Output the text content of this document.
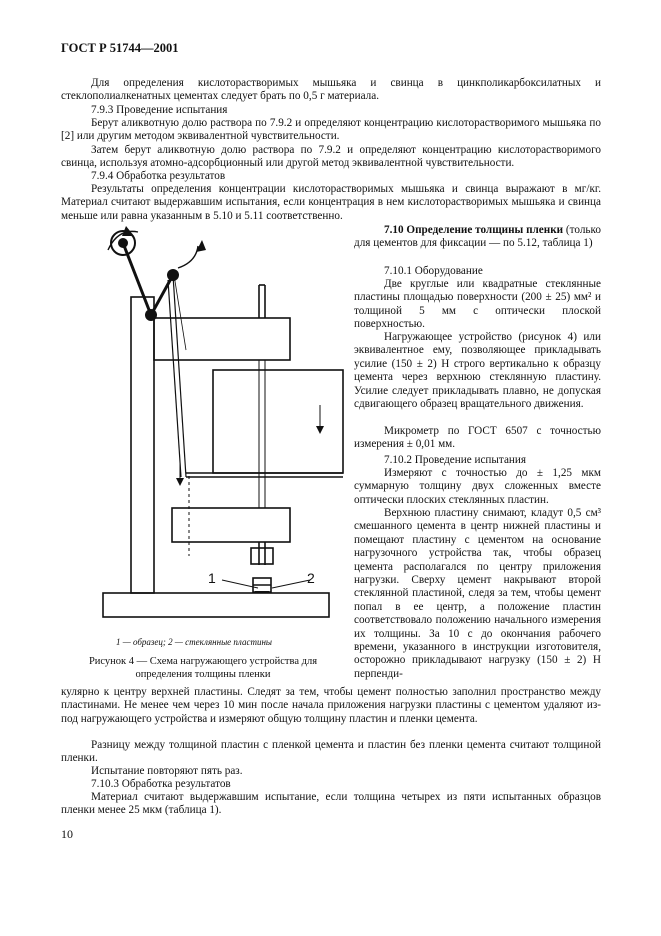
ГОСТ Р 51744—2001

Для определения кислоторастворимых мышьяка и свинца в цинкполикарбоксилатных и стеклополиалкенатных цементах следует брать по 0,5 г материала.

7.9.3 Проведение испытания

Берут аликвотную долю раствора по 7.9.2 и определяют концентрацию кислоторастворимого мышьяка по [2] или другим методом эквивалентной чувствительности.

Затем берут аликвотную долю раствора по 7.9.2 и определяют концентрацию кислоторастворимого свинца, используя атомно-адсорбционный или другой метод эквивалентной чувствительности.

7.9.4 Обработка результатов

Результаты определения концентрации кислоторастворимых мышьяка и свинца выражают в мг/кг. Материал считают выдержавшим испытания, если концентрация в нем кислоторастворимых мышьяка и свинца меньше или равна указанным в 5.10 и 5.11 соответственно.

7.10 Определение толщины пленки (только для цементов для фиксации — по 5.12, таблица 1)

7.10.1 Оборудование

Две круглые или квадратные стеклянные пластины площадью поверхности (200 ± 25) мм² и толщиной 5 мм с оптически плоской поверхностью.

Нагружающее устройство (рисунок 4) или эквивалентное ему, позволяющее прикладывать усилие (150 ± 2) Н строго вертикально к образцу цемента через верхнюю стеклянную пластину. Усилие следует прикладывать плавно, не допуская сдвигающего образец вращательного движения.

Микрометр по ГОСТ 6507 с точностью измерения ± 0,01 мм.

7.10.2 Проведение испытания

Измеряют с точностью до ± 1,25 мкм суммарную толщину двух сложенных вместе оптически плоских стеклянных пластин.

Верхнюю пластину снимают, кладут 0,5 см³ смешанного цемента в центр нижней пластины и помещают пластину с цементом на основание нагрузочного устройства так, чтобы образец цемента располагался по центру приложения нагрузки. Сверху цемент накрывают второй стеклянной пластиной, следя за тем, чтобы цемент попал в ее центр, а положение пластин соответствовало положению начального измерения их толщины. За 10 с до окончания рабочего времени, указанного в инструкции изготовителя, осторожно прикладывают нагрузку (150 ± 2) Н перпенди-

1	2
1 — образец; 2 — стеклянные пластины
Рисунок 4 — Схема нагружающего устройства для определения толщины пленки

кулярно к центру верхней пластины. Следят за тем, чтобы цемент полностью заполнил пространство между пластинами. Не менее чем через 10 мин после начала приложения нагрузки пластины с цементом удаляют из-под нагружающего устройства и измеряют общую толщину пластин и пленки цемента.

Разницу между толщиной пластин с пленкой цемента и пластин без пленки цемента считают толщиной пленки.

Испытание повторяют пять раз.

7.10.3 Обработка результатов

Материал считают выдержавшим испытание, если толщина четырех из пяти испытанных образцов пленки менее 25 мкм (таблица 1).

10
